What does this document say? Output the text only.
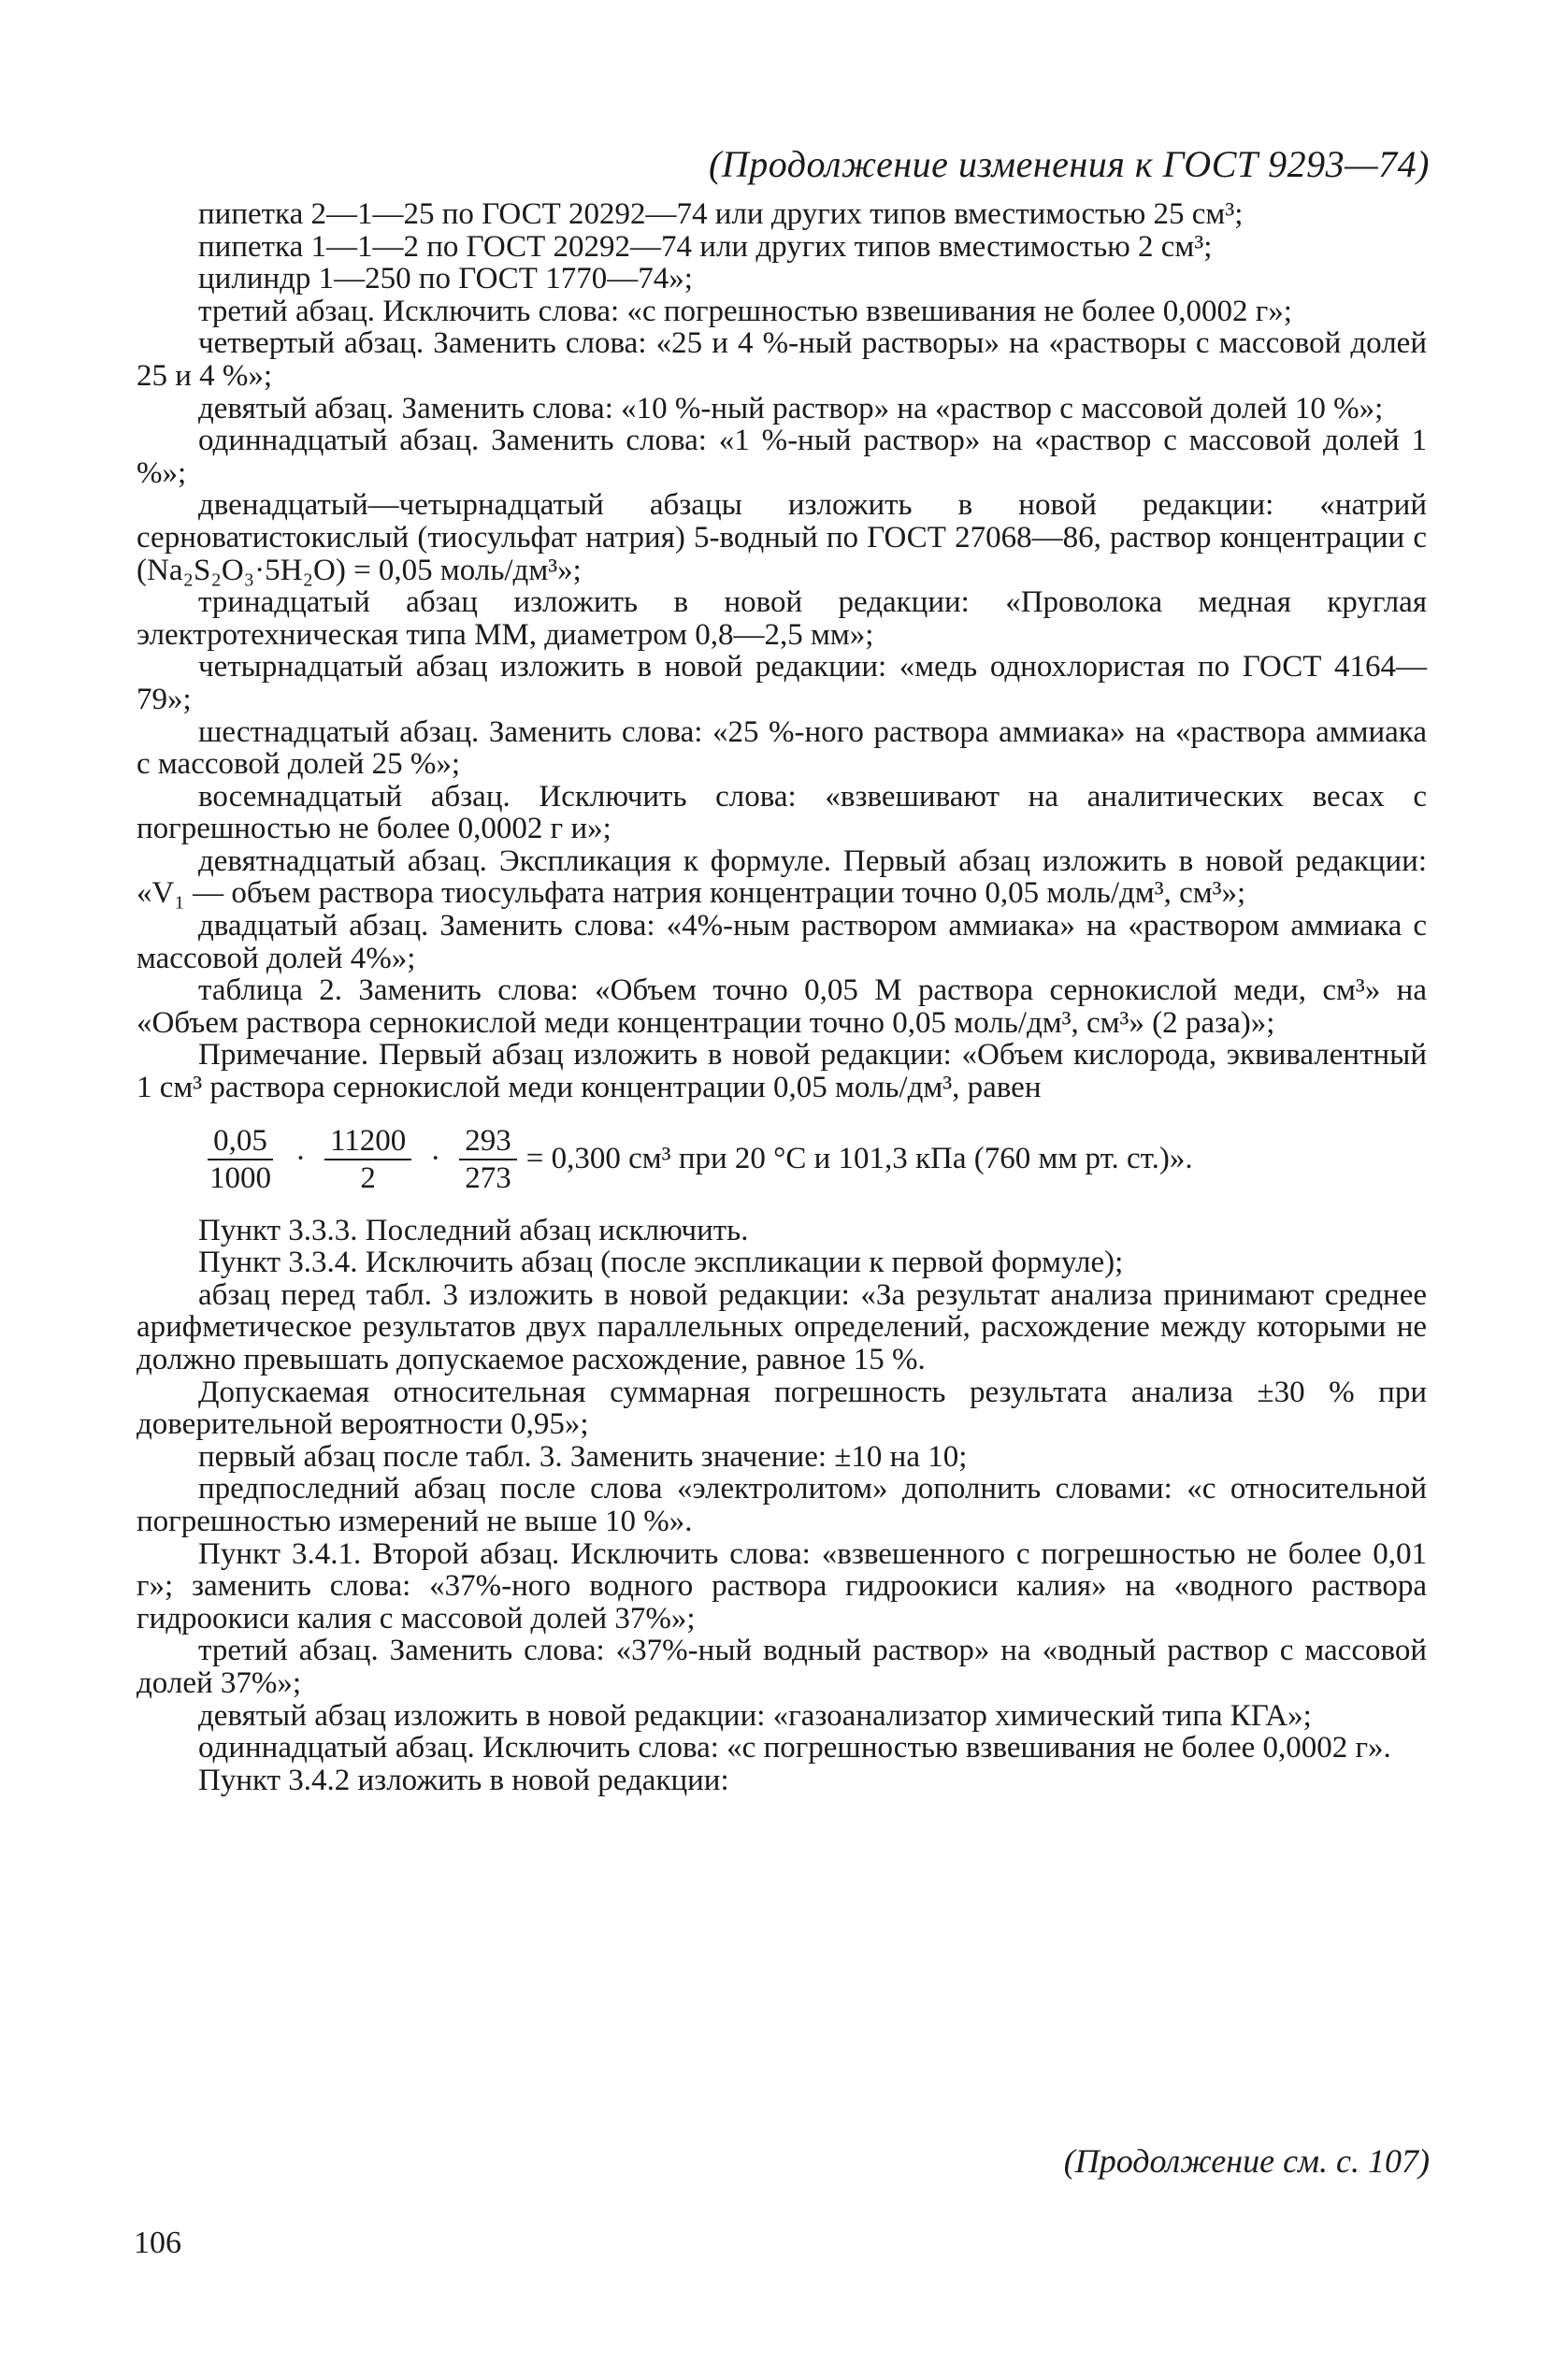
(Продолжение изменения к ГОСТ 9293—74)

пипетка 2—1—25 по ГОСТ 20292—74 или других типов вместимостью 25 см³;

пипетка 1—1—2 по ГОСТ 20292—74 или других типов вместимостью 2 см³;

цилиндр 1—250 по ГОСТ 1770—74»;

третий абзац. Исключить слова: «с погрешностью взвешивания не более 0,0002 г»;

четвертый абзац. Заменить слова: «25 и 4 %-ный растворы» на «растворы с массовой долей 25 и 4 %»;

девятый абзац. Заменить слова: «10 %-ный раствор» на «раствор с массовой долей 10 %»;

одиннадцатый абзац. Заменить слова: «1 %-ный раствор» на «раствор с массовой долей 1 %»;

двенадцатый—четырнадцатый абзацы изложить в новой редакции: «натрий серноватистокислый (тиосульфат натрия) 5-водный по ГОСТ 27068—86, раствор концентрации с (Na₂S₂O₃·5H₂O) = 0,05 моль/дм³»;

тринадцатый абзац изложить в новой редакции: «Проволока медная круглая электротехническая типа ММ, диаметром 0,8—2,5 мм»;

четырнадцатый абзац изложить в новой редакции: «медь однохлористая по ГОСТ 4164—79»;

шестнадцатый абзац. Заменить слова: «25 %-ного раствора аммиака» на «раствора аммиака с массовой долей 25 %»;

восемнадцатый абзац. Исключить слова: «взвешивают на аналитических весах с погрешностью не более 0,0002 г и»;

девятнадцатый абзац. Экспликация к формуле. Первый абзац изложить в новой редакции: «V₁ — объем раствора тиосульфата натрия концентрации точно 0,05 моль/дм³, см³»;

двадцатый абзац. Заменить слова: «4%-ным раствором аммиака» на «раствором аммиака с массовой долей 4%»;

таблица 2. Заменить слова: «Объем точно 0,05 М раствора сернокислой меди, см³» на «Объем раствора сернокислой меди концентрации точно 0,05 моль/дм³, см³» (2 раза)»;

Примечание. Первый абзац изложить в новой редакции: «Объем кислорода, эквивалентный 1 см³ раствора сернокислой меди концентрации 0,05 моль/дм³, равен

$\frac{0,05}{1000} \cdot \frac{11200}{2} \cdot \frac{293}{273} = 0,300$ см³ при 20 °С и 101,3 кПа (760 мм рт. ст.)».

Пункт 3.3.3. Последний абзац исключить.

Пункт 3.3.4. Исключить абзац (после экспликации к первой формуле);

абзац перед табл. 3 изложить в новой редакции: «За результат анализа принимают среднее арифметическое результатов двух параллельных определений, расхождение между которыми не должно превышать допускаемое расхождение, равное 15 %.

Допускаемая относительная суммарная погрешность результата анализа ±30 % при доверительной вероятности 0,95»;

первый абзац после табл. 3. Заменить значение: ±10 на 10;

предпоследний абзац после слова «электролитом» дополнить словами: «с относительной погрешностью измерений не выше 10 %».

Пункт 3.4.1. Второй абзац. Исключить слова: «взвешенного с погрешностью не более 0,01 г»; заменить слова: «37%-ного водного раствора гидроокиси калия» на «водного раствора гидроокиси калия с массовой долей 37%»;

третий абзац. Заменить слова: «37%-ный водный раствор» на «водный раствор с массовой долей 37%»;

девятый абзац изложить в новой редакции: «газоанализатор химический типа КГА»;

одиннадцатый абзац. Исключить слова: «с погрешностью взвешивания не более 0,0002 г».

Пункт 3.4.2 изложить в новой редакции:

(Продолжение см. с. 107)
106
